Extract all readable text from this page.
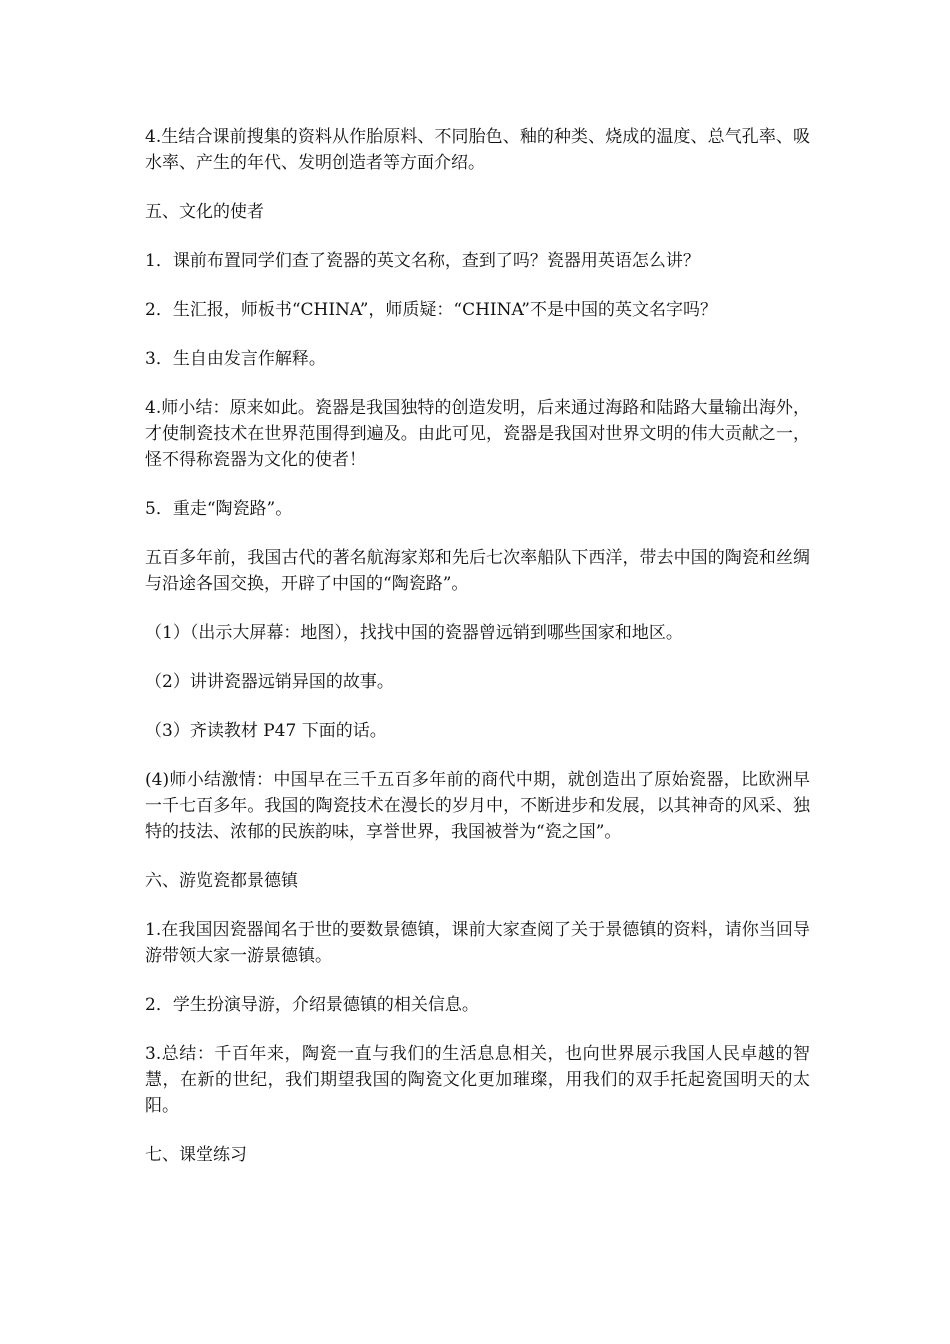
4.生结合课前搜集的资料从作胎原料、不同胎色、釉的种类、烧成的温度、总气孔率、吸水率、产生的年代、发明创造者等方面介绍。

五、文化的使者

1．课前布置同学们查了瓷器的英文名称，查到了吗？瓷器用英语怎么讲？

2．生汇报，师板书“CHINA”，师质疑：“CHINA”不是中国的英文名字吗？

3．生自由发言作解释。

4.师小结：原来如此。瓷器是我国独特的创造发明，后来通过海路和陆路大量输出海外，才使制瓷技术在世界范围得到遍及。由此可见，瓷器是我国对世界文明的伟大贡献之一，怪不得称瓷器为文化的使者！

5．重走“陶瓷路”。

五百多年前，我国古代的著名航海家郑和先后七次率船队下西洋，带去中国的陶瓷和丝绸与沿途各国交换，开辟了中国的“陶瓷路”。

（1）（出示大屏幕：地图），找找中国的瓷器曾远销到哪些国家和地区。

（2）讲讲瓷器远销异国的故事。

（3）齐读教材 P47 下面的话。

(4)师小结激情：中国早在三千五百多年前的商代中期，就创造出了原始瓷器，比欧洲早一千七百多年。我国的陶瓷技术在漫长的岁月中，不断进步和发展，以其神奇的风采、独特的技法、浓郁的民族韵味，享誉世界，我国被誉为“瓷之国”。

六、游览瓷都景德镇

1.在我国因瓷器闻名于世的要数景德镇，课前大家查阅了关于景德镇的资料，请你当回导游带领大家一游景德镇。

2．学生扮演导游，介绍景德镇的相关信息。

3.总结：千百年来，陶瓷一直与我们的生活息息相关，也向世界展示我国人民卓越的智慧，在新的世纪，我们期望我国的陶瓷文化更加璀璨，用我们的双手托起瓷国明天的太阳。

七、课堂练习
